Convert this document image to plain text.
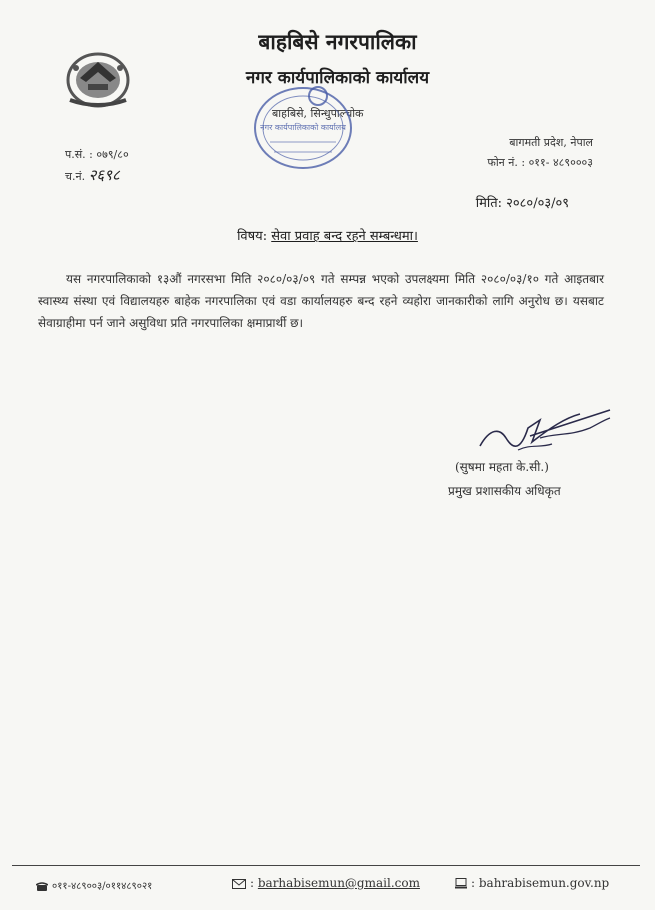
बाहबिसे नगरपालिका
नगर कार्यपालिकाको कार्यालय
बाहबिसे, सिन्धुपाल्चोक
नगर कार्यपालिकाको कार्यालय
प.सं. : ०७९/८०
च.नं. २६९८
बागमती प्रदेश, नेपाल
फोन नं. : ०११- ४८९०००३
मिति: २०८०/०३/०९
विषय: सेवा प्रवाह बन्द रहने सम्बन्धमा।
यस नगरपालिकाको १३औं नगरसभा मिति २०८०/०३/०९ गते सम्पन्न भएको उपलक्ष्यमा मिति २०८०/०३/१० गते आइतबार स्वास्थ्य संस्था एवं विद्यालयहरु बाहेक नगरपालिका एवं वडा कार्यालयहरु बन्द रहने व्यहोरा जानकारीको लागि अनुरोध छ। यसबाट सेवाग्राहीमा पर्न जाने असुविधा प्रति नगरपालिका क्षमाप्रार्थी छ।
(सुषमा महता के.सी.)
प्रमुख प्रशासकीय अधिकृत
०११-४८९००३/०११४८९०२१	: barhabisemun@gmail.com	: bahrabisemun.gov.np
